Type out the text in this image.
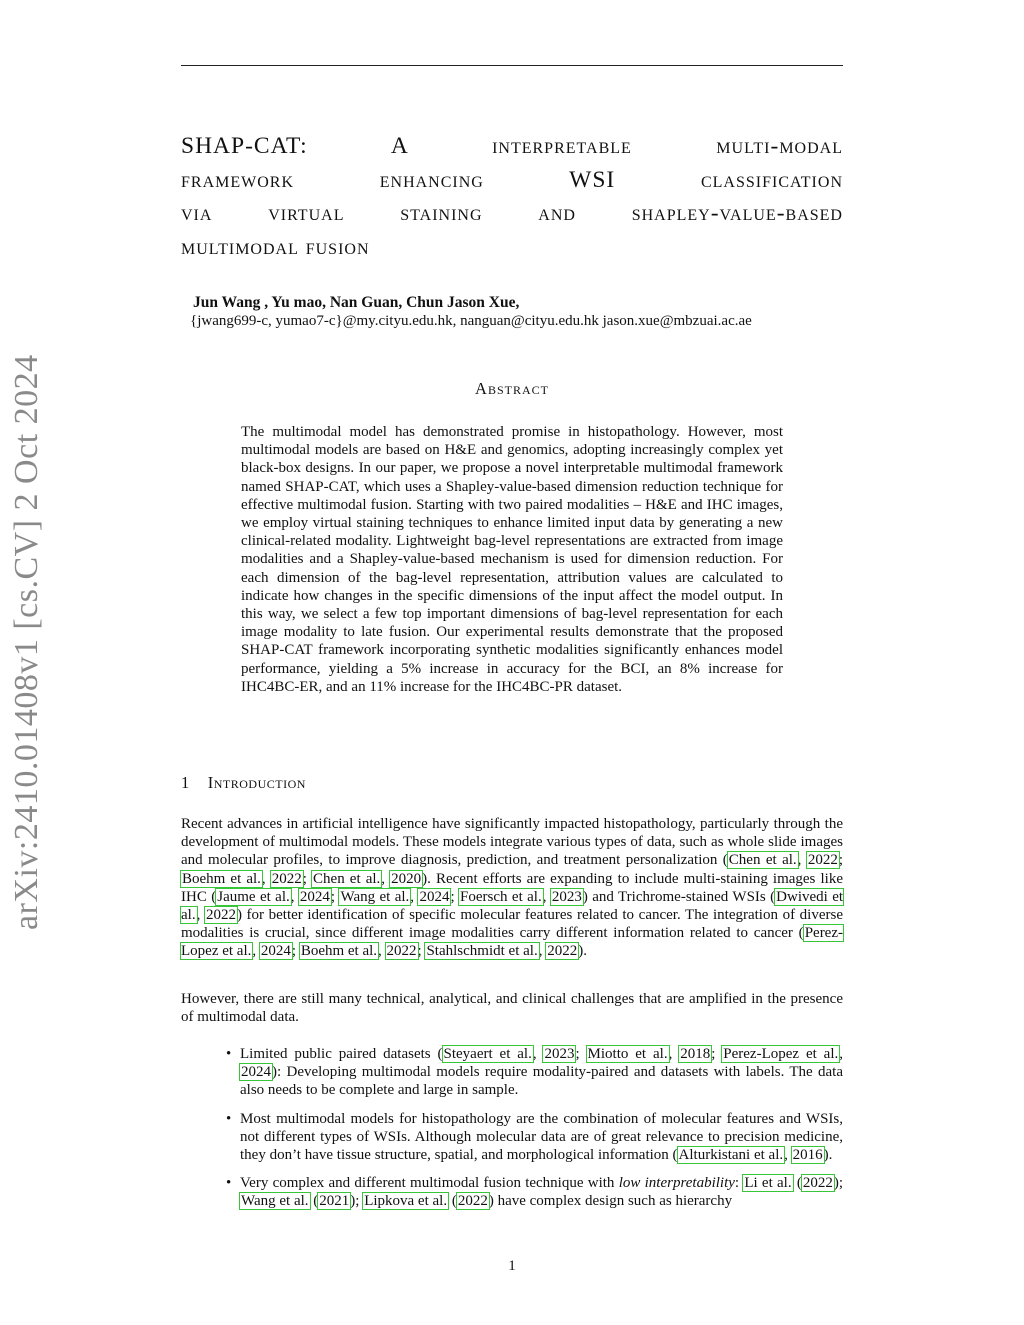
arXiv:2410.01408v1 [cs.CV] 2 Oct 2024
SHAP-CAT: A interpretable multi-modal
framework enhancing WSI classification
via virtual staining and shapley-value-based
multimodal fusion
Jun Wang , Yu mao, Nan Guan, Chun Jason Xue,
{jwang699-c, yumao7-c}@my.cityu.edu.hk, nanguan@cityu.edu.hk jason.xue@mbzuai.ac.ae
Abstract
The multimodal model has demonstrated promise in histopathology. However, most multimodal models are based on H&E and genomics, adopting increasingly complex yet black-box designs. In our paper, we propose a novel interpretable multimodal framework named SHAP-CAT, which uses a Shapley-value-based dimension reduction technique for effective multimodal fusion. Starting with two paired modalities – H&E and IHC images, we employ virtual staining techniques to enhance limited input data by generating a new clinical-related modality. Lightweight bag-level representations are extracted from image modalities and a Shapley-value-based mechanism is used for dimension reduction. For each dimension of the bag-level representation, attribution values are calculated to indicate how changes in the specific dimensions of the input affect the model output. In this way, we select a few top important dimensions of bag-level representation for each image modality to late fusion. Our experimental results demonstrate that the proposed SHAP-CAT framework incorporating synthetic modalities significantly enhances model performance, yielding a 5% increase in accuracy for the BCI, an 8% increase for IHC4BC-ER, and an 11% increase for the IHC4BC-PR dataset.
1 Introduction
Recent advances in artificial intelligence have significantly impacted histopathology, particularly through the development of multimodal models. These models integrate various types of data, such as whole slide images and molecular profiles, to improve diagnosis, prediction, and treatment personalization (Chen et al., 2022; Boehm et al., 2022; Chen et al., 2020). Recent efforts are expanding to include multi-staining images like IHC (Jaume et al., 2024; Wang et al., 2024; Foersch et al., 2023) and Trichrome-stained WSIs (Dwivedi et al., 2022) for better identification of specific molecular features related to cancer. The integration of diverse modalities is crucial, since different image modalities carry different information related to cancer (Perez-Lopez et al., 2024; Boehm et al., 2022; Stahlschmidt et al., 2022).
However, there are still many technical, analytical, and clinical challenges that are amplified in the presence of multimodal data.
• Limited public paired datasets (Steyaert et al., 2023; Miotto et al., 2018; Perez-Lopez et al., 2024): Developing multimodal models require modality-paired and datasets with labels. The data also needs to be complete and large in sample.
• Most multimodal models for histopathology are the combination of molecular features and WSIs, not different types of WSIs. Although molecular data are of great relevance to precision medicine, they don’t have tissue structure, spatial, and morphological information (Alturkistani et al., 2016).
• Very complex and different multimodal fusion technique with low interpretability: Li et al. (2022); Wang et al. (2021); Lipkova et al. (2022) have complex design such as hierarchy
1
